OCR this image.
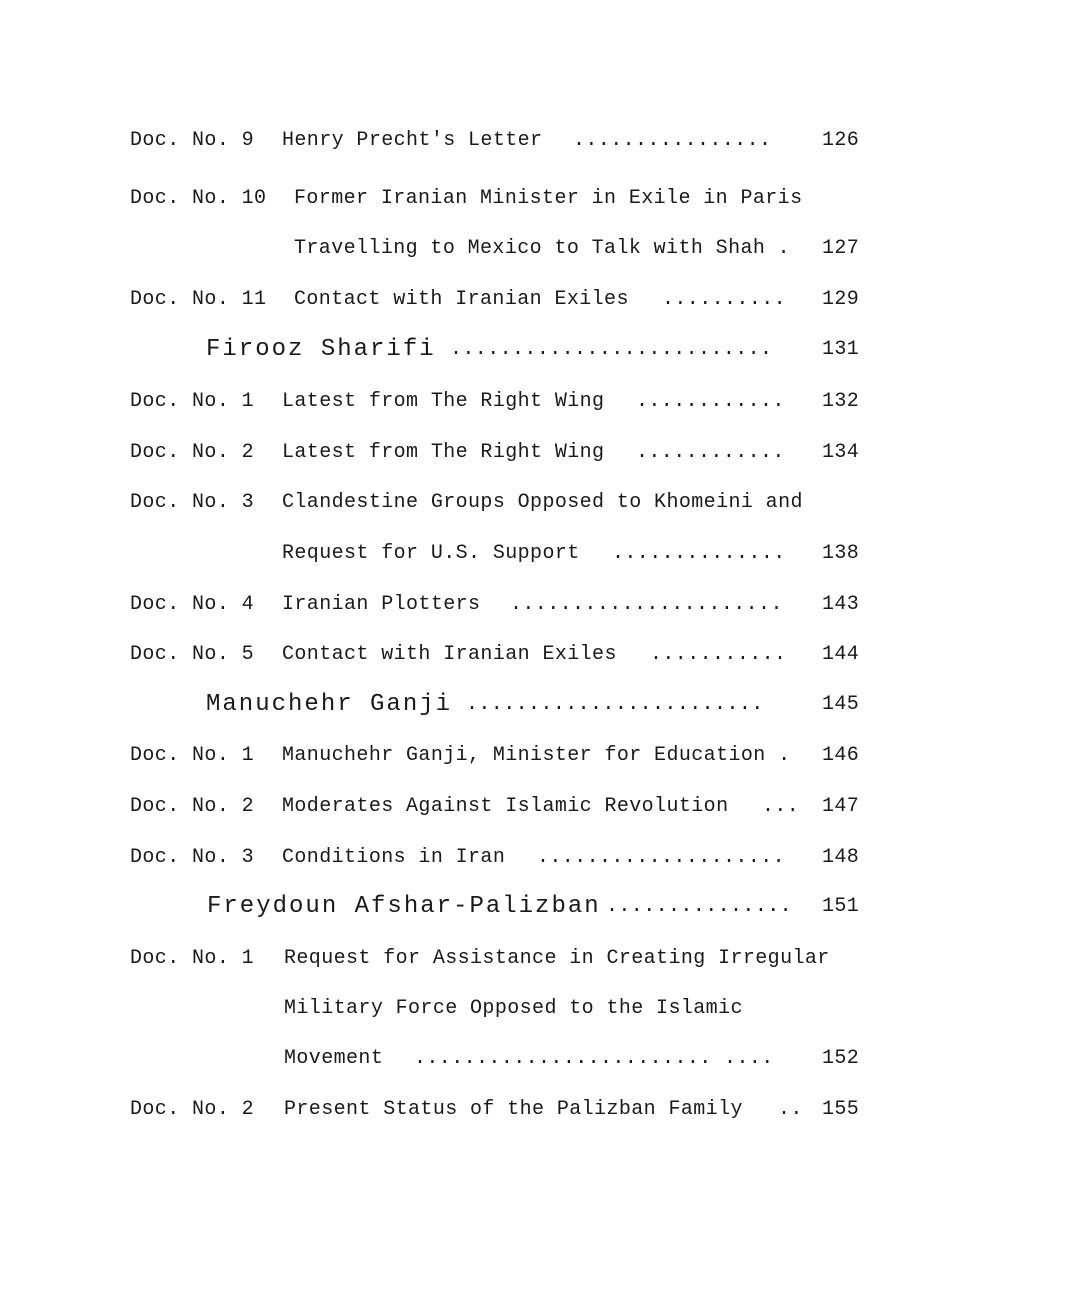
Doc. No. 9 Henry Precht's Letter ................	126
Doc. No. 10 Former Iranian Minister in Exile in Paris
Travelling to Mexico to Talk with Shah . 127
Doc. No. 11 Contact with Iranian Exiles .......... 129
Firooz Sharifi .......................... 131
Doc. No. 1 Latest from The Right Wing ............ 132
Doc. No. 2 Latest from The Right Wing ............ 134
Doc. No. 3 Clandestine Groups Opposed to Khomeini and
Request for U.S. Support .............. 138
Doc. No. 4 Iranian Plotters ...................... 143
Doc. No. 5 Contact with Iranian Exiles ........... 144
Manuchehr Ganji ........................	145
Doc. No. 1 Manuchehr Ganji, Minister for Education . 146
Doc. No. 2 Moderates Against Islamic Revolution ... 147
Doc. No. 3 Conditions in Iran .................... 148
Freydoun Afshar-Palizban ............... 151
Doc. No. 1 Request for Assistance in Creating Irregular
Military Force Opposed to the Islamic
Movement ........................ .... 152
Doc. No. 2 Present Status of the Palizban Family .. 155
